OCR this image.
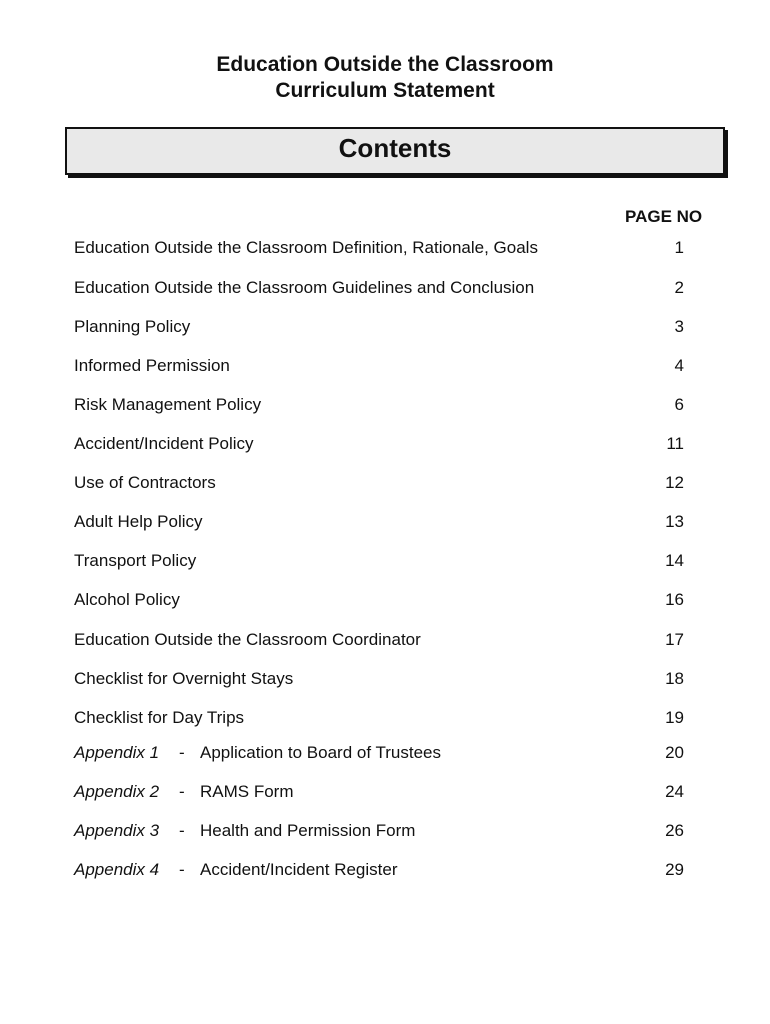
Education Outside the Classroom
Curriculum Statement
Contents
PAGE NO
Education Outside the Classroom Definition, Rationale, Goals	1
Education Outside the Classroom Guidelines and Conclusion	2
Planning Policy	3
Informed Permission	4
Risk Management Policy	6
Accident/Incident Policy	11
Use of Contractors	12
Adult Help Policy	13
Transport Policy	14
Alcohol Policy	16
Education Outside the Classroom Coordinator	17
Checklist for Overnight Stays	18
Checklist for Day Trips	19
Appendix 1 - Application to Board of Trustees	20
Appendix 2 - RAMS Form	24
Appendix 3 - Health and Permission Form	26
Appendix 4 - Accident/Incident Register	29
